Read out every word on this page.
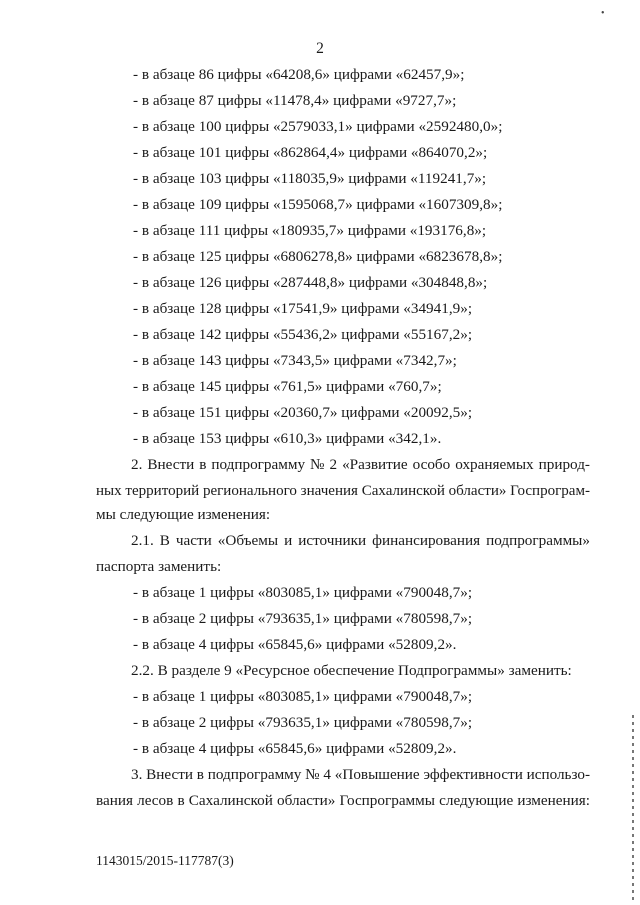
•
2
- в абзаце 86 цифры «64208,6» цифрами «62457,9»;
- в абзаце 87 цифры «11478,4» цифрами «9727,7»;
- в абзаце 100 цифры «2579033,1» цифрами «2592480,0»;
- в абзаце 101 цифры «862864,4» цифрами «864070,2»;
- в абзаце 103 цифры «118035,9» цифрами «119241,7»;
- в абзаце 109 цифры «1595068,7» цифрами «1607309,8»;
- в абзаце 111 цифры «180935,7» цифрами «193176,8»;
- в абзаце 125 цифры «6806278,8» цифрами «6823678,8»;
- в абзаце 126 цифры «287448,8» цифрами «304848,8»;
- в абзаце 128 цифры «17541,9» цифрами «34941,9»;
- в абзаце 142 цифры «55436,2» цифрами «55167,2»;
- в абзаце 143 цифры «7343,5» цифрами «7342,7»;
- в абзаце 145 цифры «761,5» цифрами «760,7»;
- в абзаце 151 цифры «20360,7» цифрами «20092,5»;
- в абзаце 153 цифры «610,3» цифрами «342,1».
2. Внести в подпрограмму № 2 «Развитие особо охраняемых природ-
ных территорий регионального значения Сахалинской области» Госпрограм-
мы следующие изменения:
2.1. В части «Объемы и источники финансирования подпрограммы»
паспорта заменить:
- в абзаце 1 цифры «803085,1» цифрами «790048,7»;
- в абзаце 2 цифры «793635,1» цифрами «780598,7»;
- в абзаце 4 цифры «65845,6» цифрами «52809,2».
2.2. В разделе 9 «Ресурсное обеспечение Подпрограммы» заменить:
- в абзаце 1 цифры «803085,1» цифрами «790048,7»;
- в абзаце 2 цифры «793635,1» цифрами «780598,7»;
- в абзаце 4 цифры «65845,6» цифрами «52809,2».
3. Внести в подпрограмму № 4 «Повышение эффективности использо-
вания лесов в Сахалинской области» Госпрограммы следующие изменения:
1143015/2015-117787(3)
